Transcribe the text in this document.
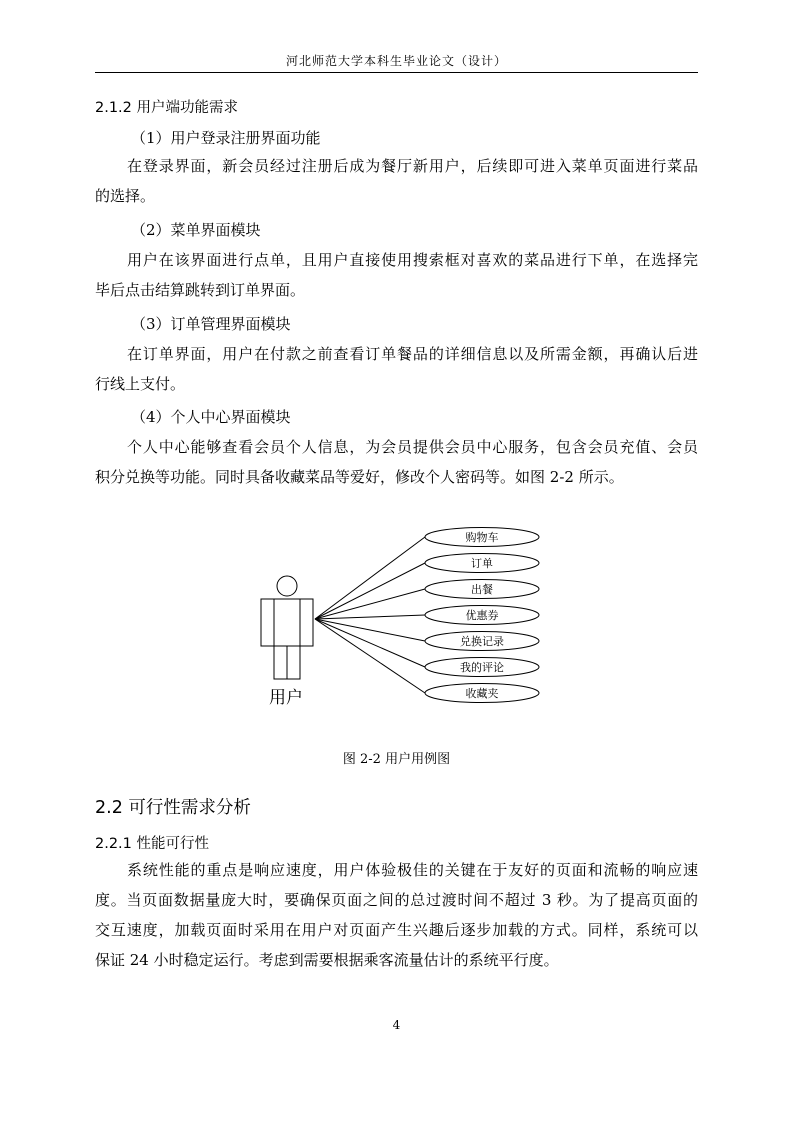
河北师范大学本科生毕业论文（设计）
2.1.2 用户端功能需求
（1）用户登录注册界面功能
在登录界面，新会员经过注册后成为餐厅新用户，后续即可进入菜单页面进行菜品
的选择。
（2）菜单界面模块
用户在该界面进行点单，且用户直接使用搜索框对喜欢的菜品进行下单，在选择完
毕后点击结算跳转到订单界面。
（3）订单管理界面模块
在订单界面，用户在付款之前查看订单餐品的详细信息以及所需金额，再确认后进
行线上支付。
（4）个人中心界面模块
个人中心能够查看会员个人信息，为会员提供会员中心服务，包含会员充值、会员
积分兑换等功能。同时具备收藏菜品等爱好，修改个人密码等。如图 2-2 所示。
用户
购物车
订单
出餐
优惠券
兑换记录
我的评论
收藏夹
图 2-2 用户用例图
2.2 可行性需求分析
2.2.1 性能可行性
系统性能的重点是响应速度，用户体验极佳的关键在于友好的页面和流畅的响应速
度。当页面数据量庞大时，要确保页面之间的总过渡时间不超过 3 秒。为了提高页面的
交互速度，加载页面时采用在用户对页面产生兴趣后逐步加载的方式。同样，系统可以
保证 24 小时稳定运行。考虑到需要根据乘客流量估计的系统平行度。
4
